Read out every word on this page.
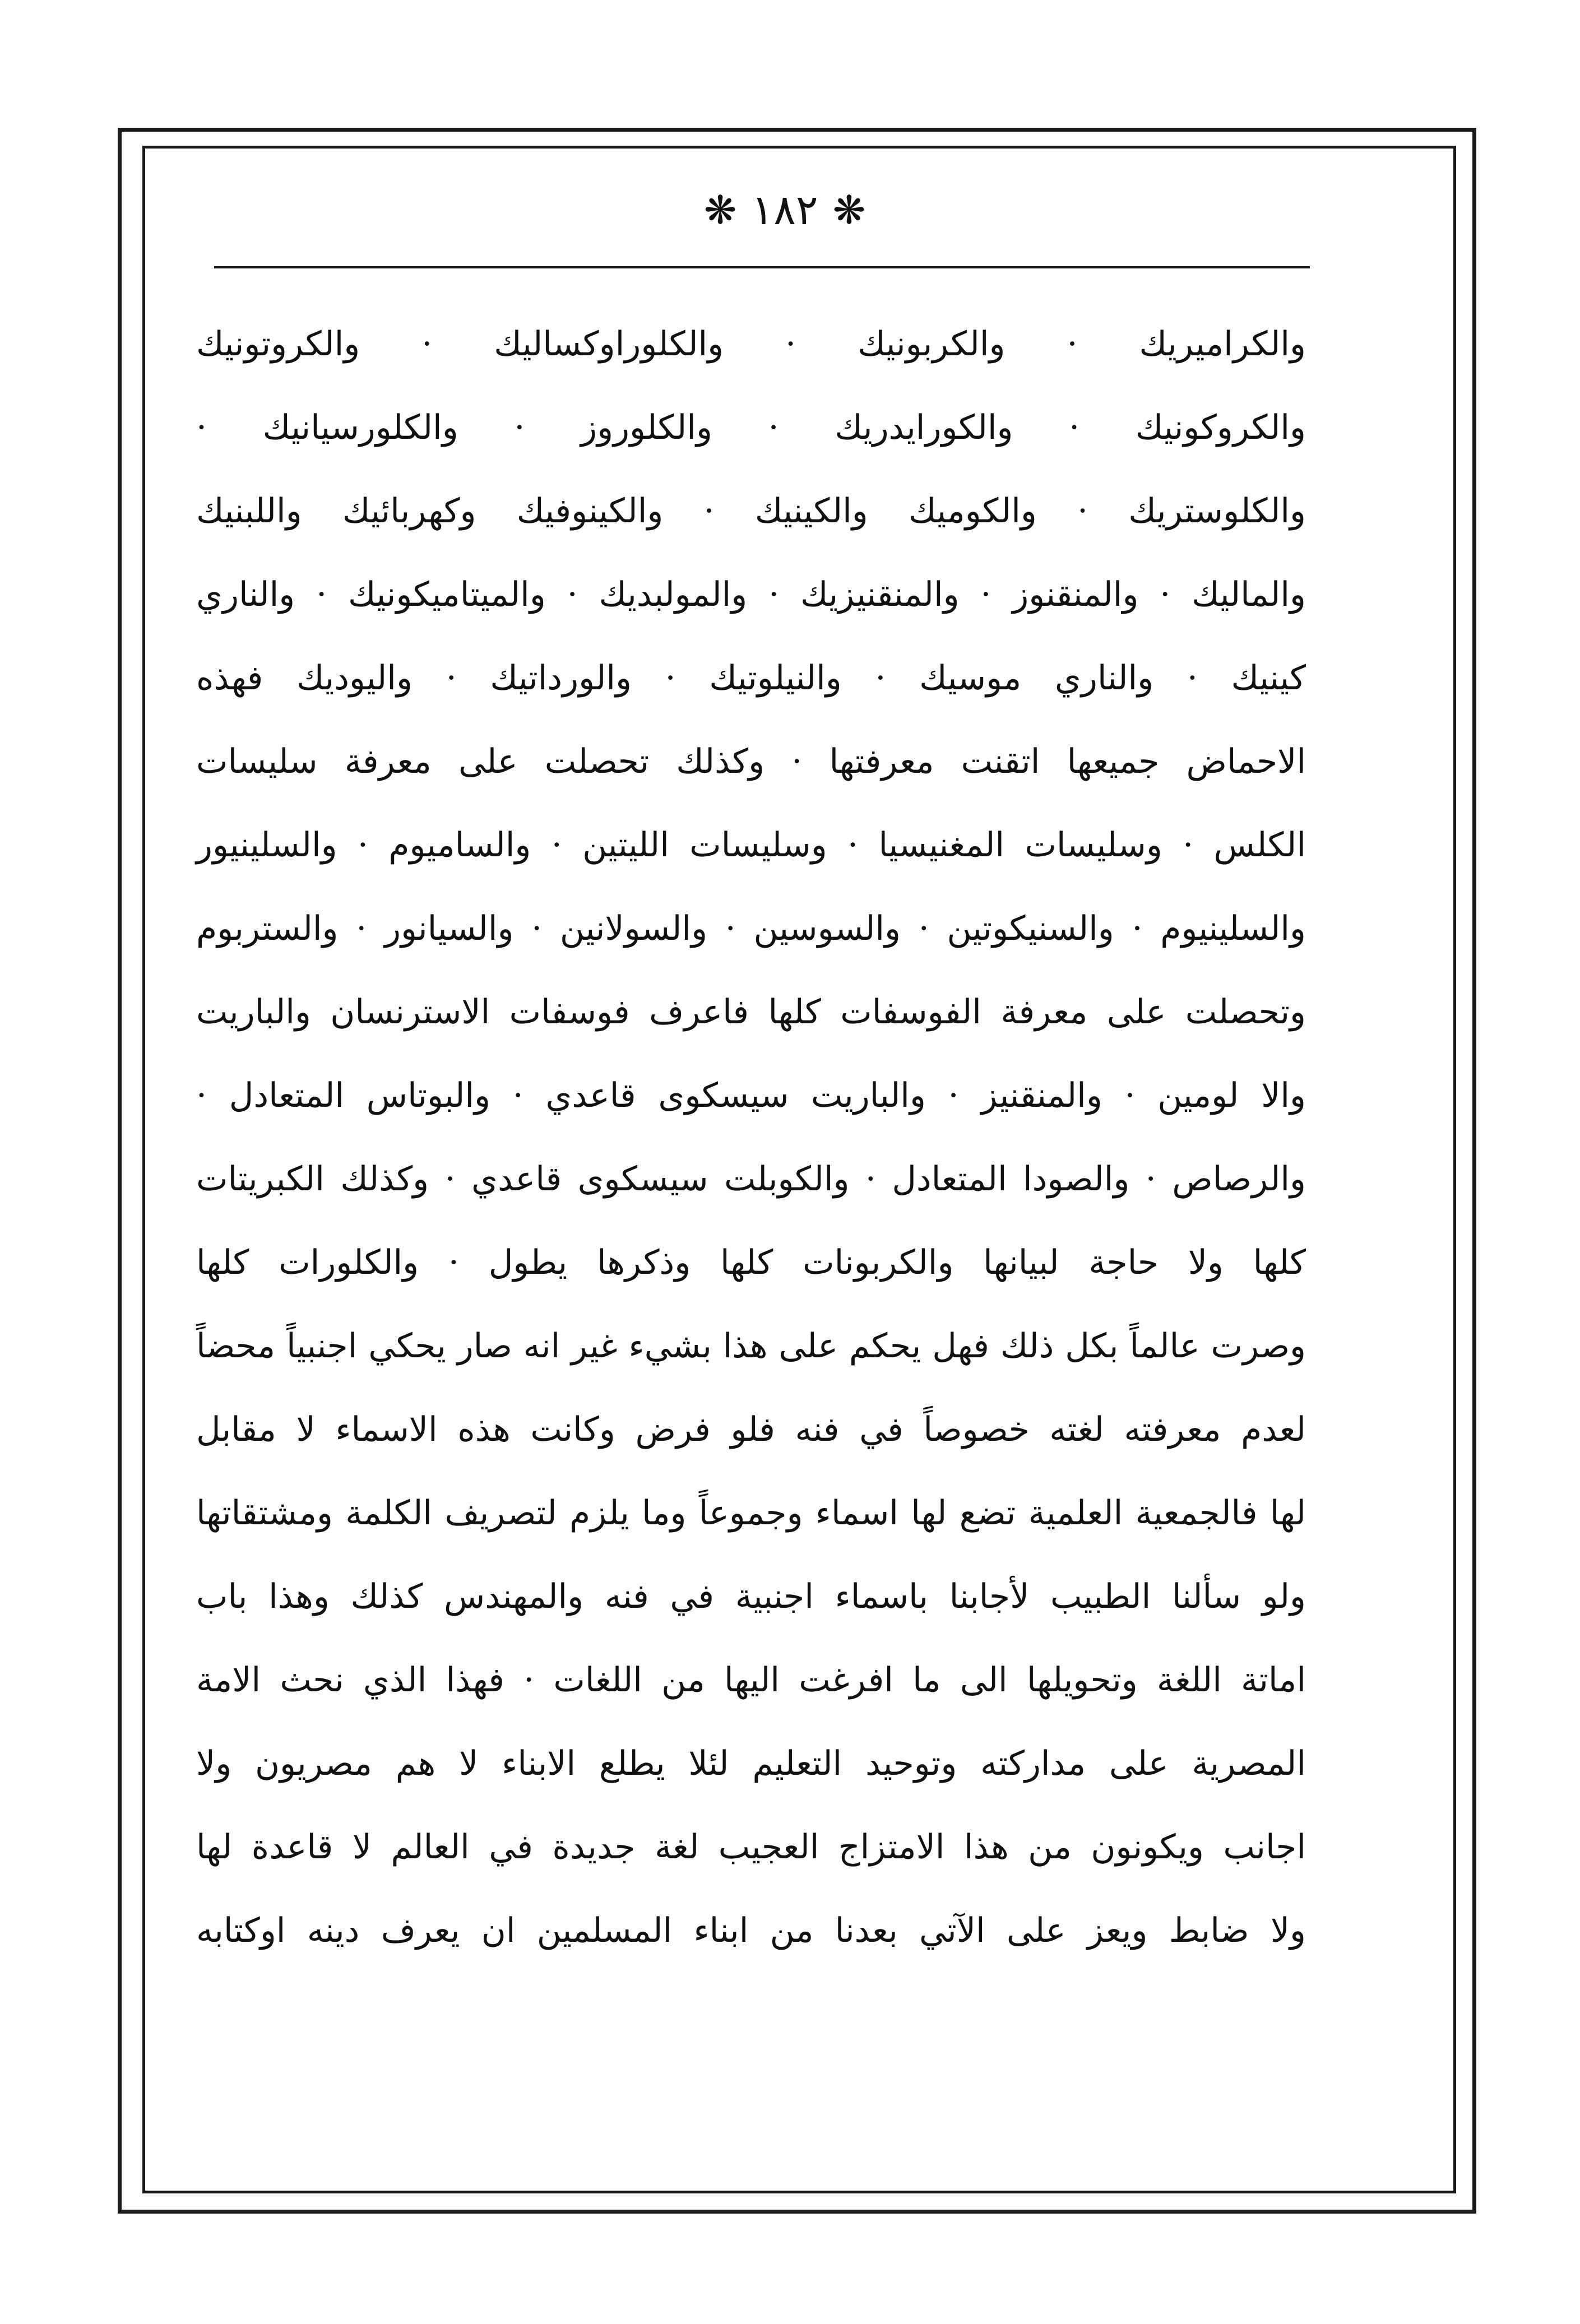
❋
١٨٢
❋
والكراميريك · والكربونيك · والكلوراوكساليك · والكروتونيك
والكروكونيك · والكورايدريك · والكلوروز · والكلورسيانيك ·
والكلوستريك · والكوميك والكينيك · والكينوفيك وكهربائيك واللبنيك
والماليك · والمنقنوز · والمنقنيزيك · والمولبديك · والميتاميكونيك · والناري
كينيك · والناري موسيك · والنيلوتيك · والورداتيك · واليوديك فهذه
الاحماض جميعها اتقنت معرفتها · وكذلك تحصلت على معرفة سليسات
الكلس · وسليسات المغنيسيا · وسليسات الليتين · والساميوم · والسلينيور
والسلينيوم · والسنيكوتين · والسوسين · والسولانين · والسيانور · والستربوم
وتحصلت على معرفة الفوسفات كلها فاعرف فوسفات الاسترنسان والباريت
والا لومين · والمنقنيز · والباريت سيسكوى قاعدي · والبوتاس المتعادل ·
والرصاص · والصودا المتعادل · والكوبلت سيسكوى قاعدي · وكذلك الكبريتات
كلها ولا حاجة لبيانها والكربونات كلها وذكرها يطول · والكلورات كلها
وصرت عالماً بكل ذلك فهل يحكم على هذا بشيء غير انه صار يحكي اجنبياً محضاً
لعدم معرفته لغته خصوصاً في فنه فلو فرض وكانت هذه الاسماء لا مقابل
لها فالجمعية العلمية تضع لها اسماء وجموعاً وما يلزم لتصريف الكلمة ومشتقاتها
ولو سألنا الطبيب لأجابنا باسماء اجنبية في فنه والمهندس كذلك وهذا باب
اماتة اللغة وتحويلها الى ما افرغت اليها من اللغات · فهذا الذي نحث الامة
المصرية على مداركته وتوحيد التعليم لئلا يطلع الابناء لا هم مصريون ولا
اجانب ويكونون من هذا الامتزاج العجيب لغة جديدة في العالم لا قاعدة لها
ولا ضابط ويعز على الآتي بعدنا من ابناء المسلمين ان يعرف دينه اوكتابه
